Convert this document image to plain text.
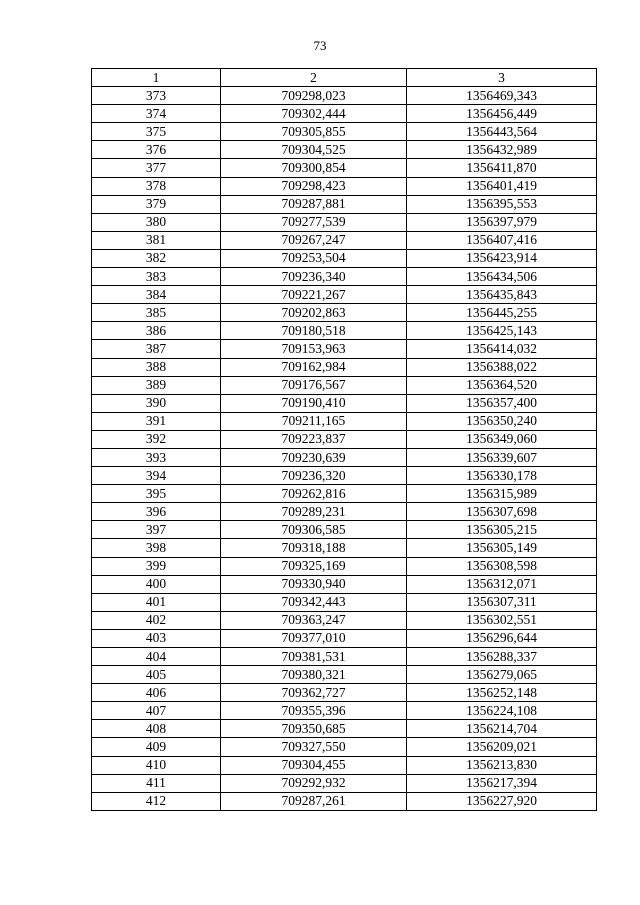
73
1	2	3
373	709298,023	1356469,343
374	709302,444	1356456,449
375	709305,855	1356443,564
376	709304,525	1356432,989
377	709300,854	1356411,870
378	709298,423	1356401,419
379	709287,881	1356395,553
380	709277,539	1356397,979
381	709267,247	1356407,416
382	709253,504	1356423,914
383	709236,340	1356434,506
384	709221,267	1356435,843
385	709202,863	1356445,255
386	709180,518	1356425,143
387	709153,963	1356414,032
388	709162,984	1356388,022
389	709176,567	1356364,520
390	709190,410	1356357,400
391	709211,165	1356350,240
392	709223,837	1356349,060
393	709230,639	1356339,607
394	709236,320	1356330,178
395	709262,816	1356315,989
396	709289,231	1356307,698
397	709306,585	1356305,215
398	709318,188	1356305,149
399	709325,169	1356308,598
400	709330,940	1356312,071
401	709342,443	1356307,311
402	709363,247	1356302,551
403	709377,010	1356296,644
404	709381,531	1356288,337
405	709380,321	1356279,065
406	709362,727	1356252,148
407	709355,396	1356224,108
408	709350,685	1356214,704
409	709327,550	1356209,021
410	709304,455	1356213,830
411	709292,932	1356217,394
412	709287,261	1356227,920
